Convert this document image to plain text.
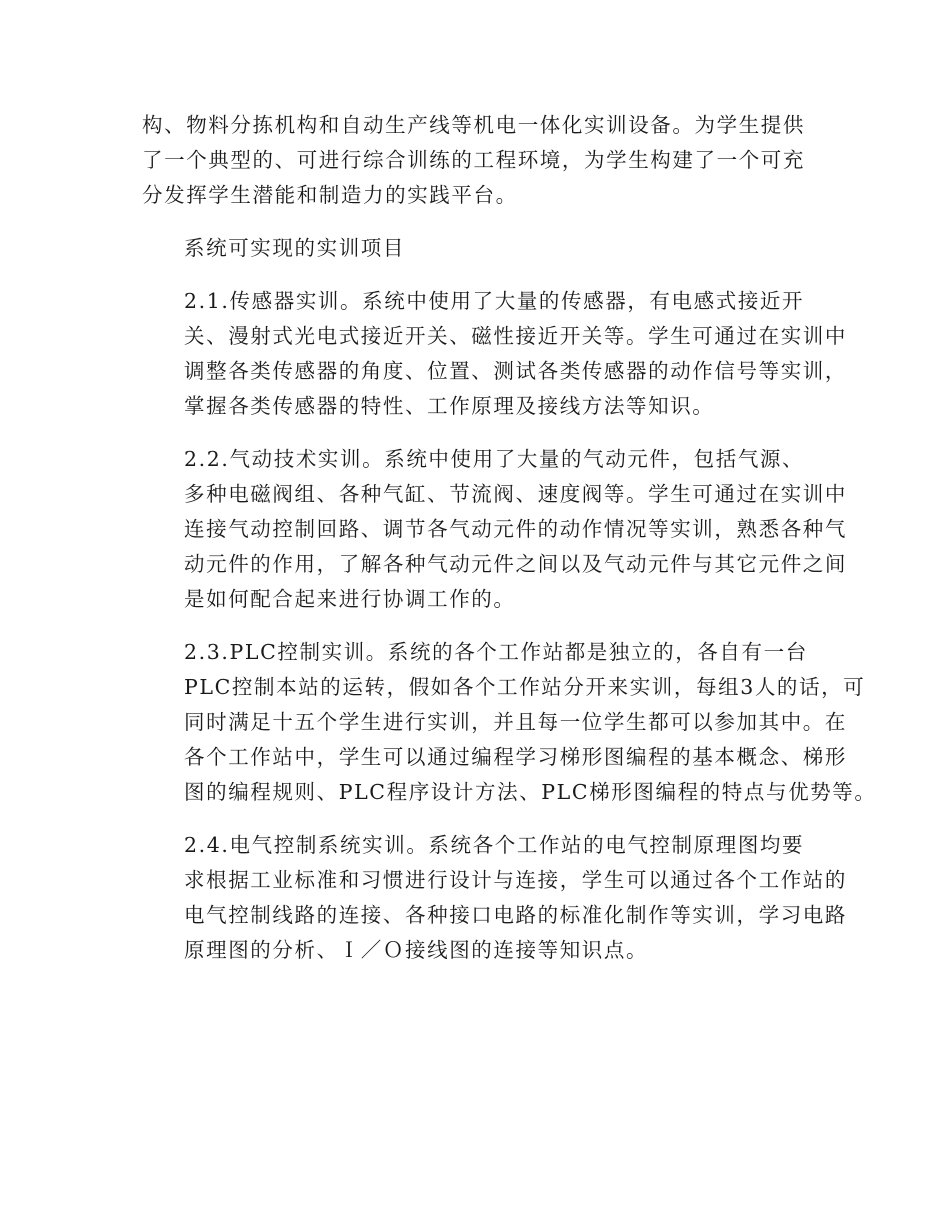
构、物料分拣机构和自动生产线等机电一体化实训设备。为学生提供
了一个典型的、可进行综合训练的工程环境，为学生构建了一个可充
分发挥学生潜能和制造力的实践平台。

系统可实现的实训项目

2.1.传感器实训。系统中使用了大量的传感器，有电感式接近开
关、漫射式光电式接近开关、磁性接近开关等。学生可通过在实训中
调整各类传感器的角度、位置、测试各类传感器的动作信号等实训，
掌握各类传感器的特性、工作原理及接线方法等知识。

2.2.气动技术实训。系统中使用了大量的气动元件，包括气源、
多种电磁阀组、各种气缸、节流阀、速度阀等。学生可通过在实训中
连接气动控制回路、调节各气动元件的动作情况等实训，熟悉各种气
动元件的作用，了解各种气动元件之间以及气动元件与其它元件之间
是如何配合起来进行协调工作的。

2.3.PLC控制实训。系统的各个工作站都是独立的，各自有一台
PLC控制本站的运转，假如各个工作站分开来实训，每组3人的话，可
同时满足十五个学生进行实训，并且每一位学生都可以参加其中。在
各个工作站中，学生可以通过编程学习梯形图编程的基本概念、梯形
图的编程规则、PLC程序设计方法、PLC梯形图编程的特点与优势等。

2.4.电气控制系统实训。系统各个工作站的电气控制原理图均要
求根据工业标准和习惯进行设计与连接，学生可以通过各个工作站的
电气控制线路的连接、各种接口电路的标准化制作等实训，学习电路
原理图的分析、Ｉ／Ｏ接线图的连接等知识点。
